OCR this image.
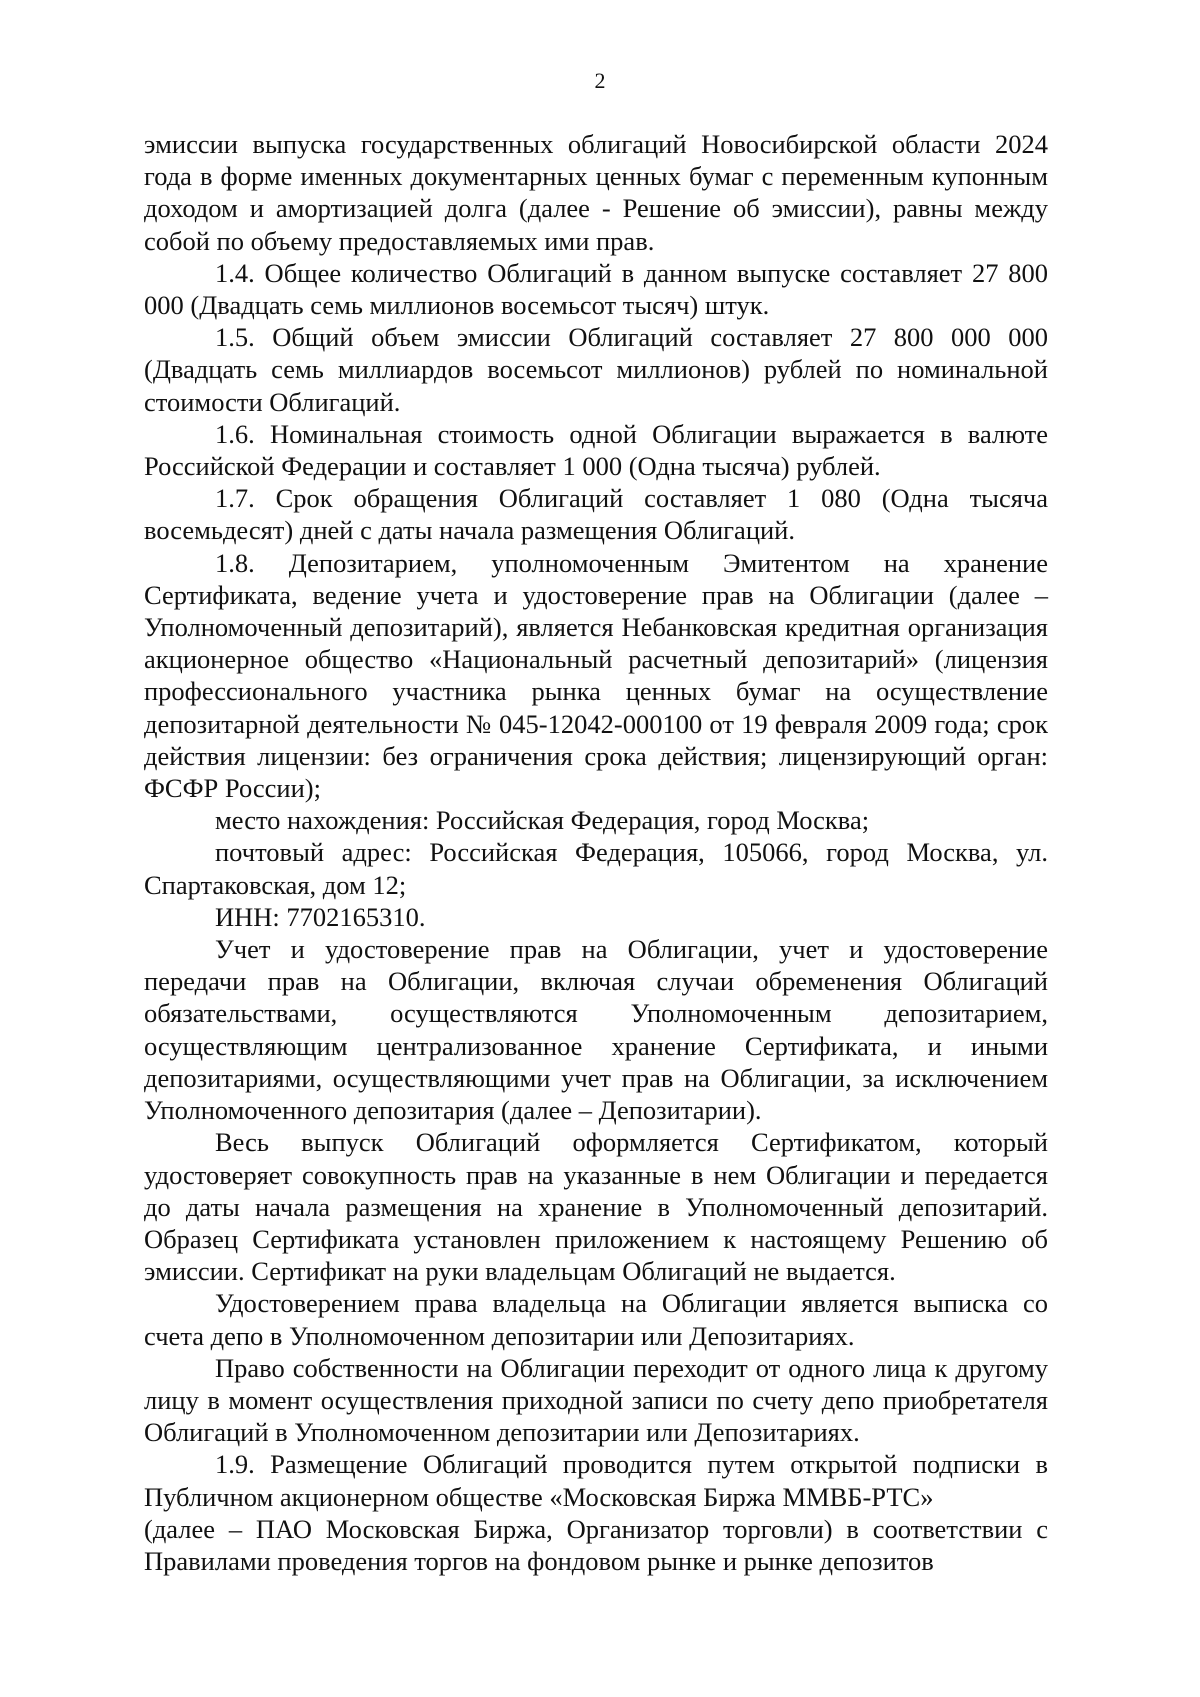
2

эмиссии выпуска государственных облигаций Новосибирской области 2024 года в форме именных документарных ценных бумаг с переменным купонным доходом и амортизацией долга (далее - Решение об эмиссии), равны между собой по объему предоставляемых ими прав.

1.4. Общее количество Облигаций в данном выпуске составляет 27 800 000 (Двадцать семь миллионов восемьсот тысяч) штук.

1.5. Общий объем эмиссии Облигаций составляет 27 800 000 000 (Двадцать семь миллиардов восемьсот миллионов) рублей по номинальной стоимости Облигаций.

1.6. Номинальная стоимость одной Облигации выражается в валюте Российской Федерации и составляет 1 000 (Одна тысяча) рублей.

1.7. Срок обращения Облигаций составляет 1 080 (Одна тысяча восемьдесят) дней с даты начала размещения Облигаций.

1.8. Депозитарием, уполномоченным Эмитентом на хранение Сертификата, ведение учета и удостоверение прав на Облигации (далее – Уполномоченный депозитарий), является Небанковская кредитная организация акционерное общество «Национальный расчетный депозитарий» (лицензия профессионального участника рынка ценных бумаг на осуществление депозитарной деятельности № 045-12042-000100 от 19 февраля 2009 года; срок действия лицензии: без ограничения срока действия; лицензирующий орган: ФСФР России);

место нахождения: Российская Федерация, город Москва;

почтовый адрес: Российская Федерация, 105066, город Москва, ул. Спартаковская, дом 12;

ИНН: 7702165310.

Учет и удостоверение прав на Облигации, учет и удостоверение передачи прав на Облигации, включая случаи обременения Облигаций обязательствами, осуществляются Уполномоченным депозитарием, осуществляющим централизованное хранение Сертификата, и иными депозитариями, осуществляющими учет прав на Облигации, за исключением Уполномоченного депозитария (далее – Депозитарии).

Весь выпуск Облигаций оформляется Сертификатом, который удостоверяет совокупность прав на указанные в нем Облигации и передается до даты начала размещения на хранение в Уполномоченный депозитарий. Образец Сертификата установлен приложением к настоящему Решению об эмиссии. Сертификат на руки владельцам Облигаций не выдается.

Удостоверением права владельца на Облигации является выписка со счета депо в Уполномоченном депозитарии или Депозитариях.

Право собственности на Облигации переходит от одного лица к другому лицу в момент осуществления приходной записи по счету депо приобретателя Облигаций в Уполномоченном депозитарии или Депозитариях.

1.9. Размещение Облигаций проводится путем открытой подписки в Публичном акционерном обществе «Московская Биржа ММВБ-РТС»
(далее – ПАО Московская Биржа, Организатор торговли) в соответствии с Правилами проведения торгов на фондовом рынке и рынке депозитов
